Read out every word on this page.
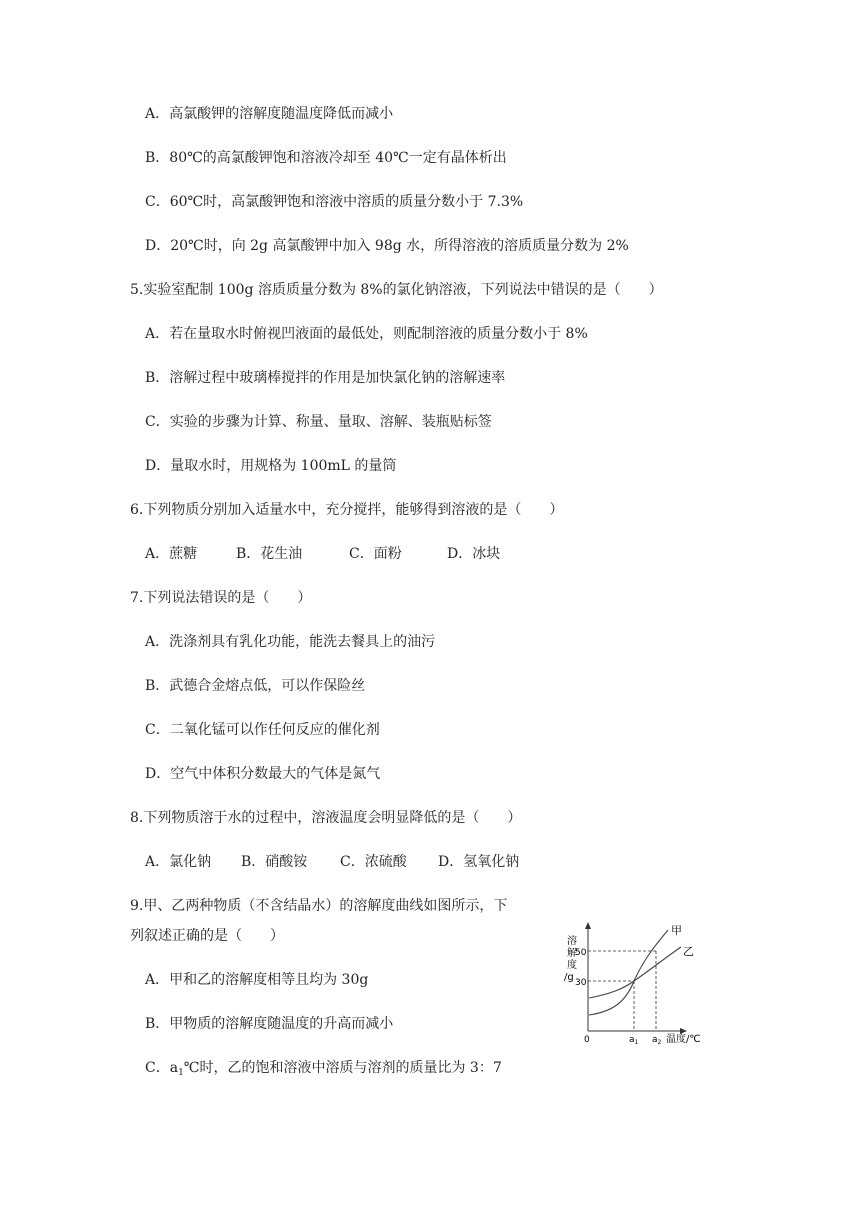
A．高氯酸钾的溶解度随温度降低而减小
B．80℃的高氯酸钾饱和溶液冷却至 40℃一定有晶体析出
C．60℃时，高氯酸钾饱和溶液中溶质的质量分数小于 7.3%
D．20℃时，向 2g 高氯酸钾中加入 98g 水，所得溶液的溶质质量分数为 2%
5.实验室配制 100g 溶质质量分数为 8%的氯化钠溶液，下列说法中错误的是（　　）
A．若在量取水时俯视凹液面的最低处，则配制溶液的质量分数小于 8%
B．溶解过程中玻璃棒搅拌的作用是加快氯化钠的溶解速率
C．实验的步骤为计算、称量、量取、溶解、装瓶贴标签
D．量取水时，用规格为 100mL 的量筒
6.下列物质分别加入适量水中，充分搅拌，能够得到溶液的是（　　）
A．蔗糖	B．花生油	C．面粉	D．冰块
7.下列说法错误的是（　　）
A．洗涤剂具有乳化功能，能洗去餐具上的油污
B．武德合金熔点低，可以作保险丝
C．二氧化锰可以作任何反应的催化剂
D．空气中体积分数最大的气体是氮气
8.下列物质溶于水的过程中，溶液温度会明显降低的是（　　）
A．氯化钠 B．硝酸铵 C．浓硫酸 D．氢氧化钠
9.甲、乙两种物质（不含结晶水）的溶解度曲线如图所示，下
列叙述正确的是（　　）
A．甲和乙的溶解度相等且均为 30g
B．甲物质的溶解度随温度的升高而减小
C．$a_1℃$时，乙的饱和溶液中溶质与溶剂的质量比为 3：7
溶
解
度
/g
50
30
0	$a_1$ $a_2$ 温度/℃
甲
乙
